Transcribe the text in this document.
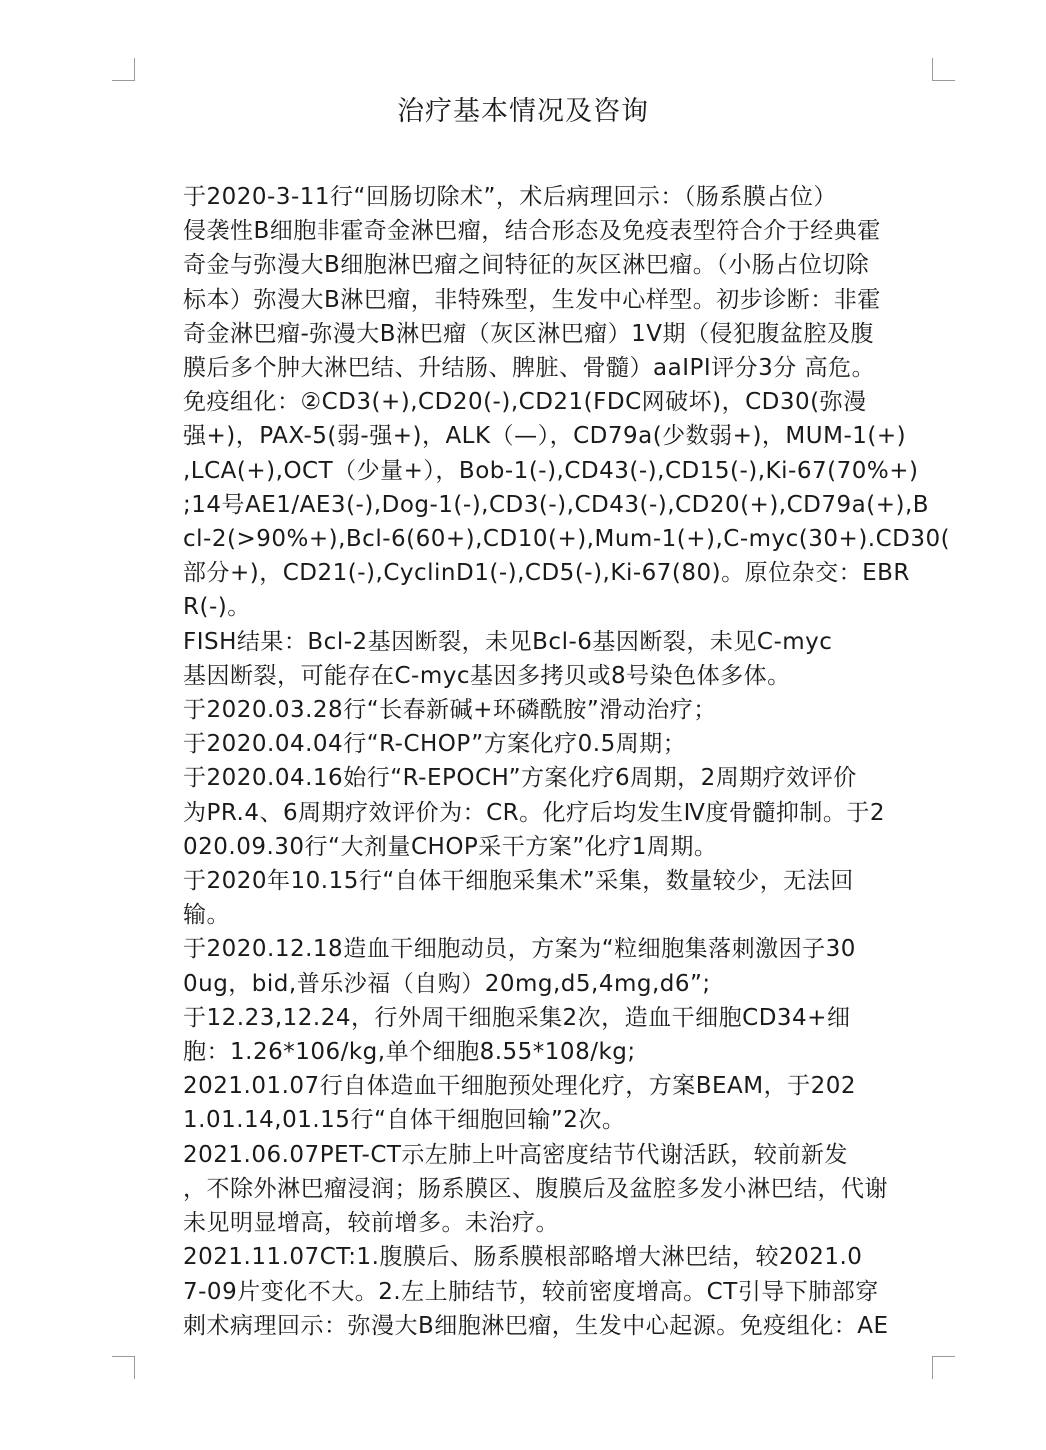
治疗基本情况及咨询
于2020-3-11行“回肠切除术”，术后病理回示：（肠系膜占位）
侵袭性B细胞非霍奇金淋巴瘤，结合形态及免疫表型符合介于经典霍
奇金与弥漫大B细胞淋巴瘤之间特征的灰区淋巴瘤。（小肠占位切除
标本）弥漫大B淋巴瘤，非特殊型，生发中心样型。初步诊断：非霍
奇金淋巴瘤-弥漫大B淋巴瘤（灰区淋巴瘤）1V期（侵犯腹盆腔及腹
膜后多个肿大淋巴结、升结肠、脾脏、骨髓）aaIPI评分3分 高危。
免疫组化：②CD3(+),CD20(-),CD21(FDC网破坏)，CD30(弥漫
强+)，PAX-5(弱-强+)，ALK（—），CD79a(少数弱+)，MUM-1(+)
,LCA(+),OCT（少量+），Bob-1(-),CD43(-),CD15(-),Ki-67(70%+)
;14号AE1/AE3(-),Dog-1(-),CD3(-),CD43(-),CD20(+),CD79a(+),B
cl-2(>90%+),Bcl-6(60+),CD10(+),Mum-1(+),C-myc(30+).CD30(
部分+)，CD21(-),CyclinD1(-),CD5(-),Ki-67(80)。原位杂交：EBR
R(-)。
FISH结果：Bcl-2基因断裂，未见Bcl-6基因断裂，未见C-myc
基因断裂，可能存在C-myc基因多拷贝或8号染色体多体。
于2020.03.28行“长春新碱+环磷酰胺”滑动治疗；
于2020.04.04行“R-CHOP”方案化疗0.5周期；
于2020.04.16始行“R-EPOCH”方案化疗6周期，2周期疗效评价
为PR.4、6周期疗效评价为：CR。化疗后均发生Ⅳ度骨髓抑制。于2
020.09.30行“大剂量CHOP采干方案”化疗1周期。
于2020年10.15行“自体干细胞采集术”采集，数量较少，无法回
输。
于2020.12.18造血干细胞动员，方案为“粒细胞集落刺激因子30
0ug，bid,普乐沙福（自购）20mg,d5,4mg,d6”;
于12.23,12.24，行外周干细胞采集2次，造血干细胞CD34+细
胞：1.26*106/kg,单个细胞8.55*108/kg;
2021.01.07行自体造血干细胞预处理化疗，方案BEAM，于202
1.01.14,01.15行“自体干细胞回输”2次。
2021.06.07PET-CT示左肺上叶高密度结节代谢活跃，较前新发
，不除外淋巴瘤浸润；肠系膜区、腹膜后及盆腔多发小淋巴结，代谢
未见明显增高，较前增多。未治疗。
2021.11.07CT:1.腹膜后、肠系膜根部略增大淋巴结，较2021.0
7-09片变化不大。2.左上肺结节，较前密度增高。CT引导下肺部穿
刺术病理回示：弥漫大B细胞淋巴瘤，生发中心起源。免疫组化：AE
